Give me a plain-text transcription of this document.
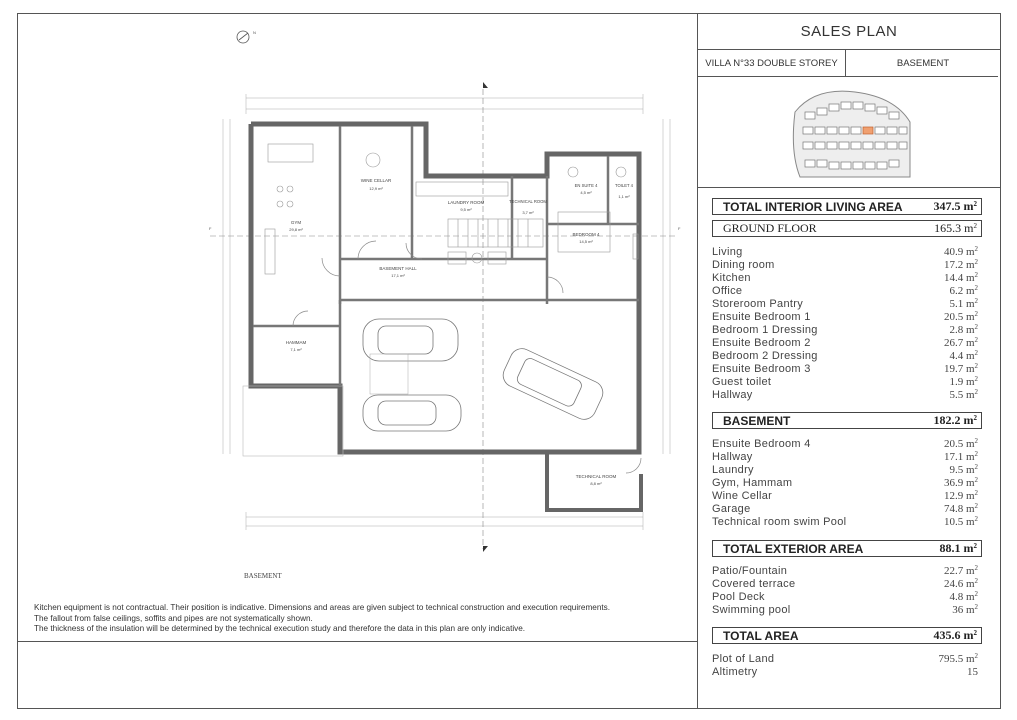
N
F	F
WINE CELLAR
12,9 m²
GYM
29,8 m²
LAUNDRY ROOM
9,5 m²
TECHNICAL ROOM
3,7 m²
EN SUITE 4
4,5 m²
TOILET 4
1,1 m²
BEDROOM 4
14,5 m²
BASEMENT HALL
17,1 m²
HAMMAM
7,1 m²
TECHNICAL ROOM
8,8 m²
BASEMENT
Kitchen equipment is not contractual. Their position is indicative. Dimensions and areas are given subject to technical construction and execution requirements.
The fallout from false ceilings, soffits and pipes are not systematically shown.
The thickness of the insulation will be determined by the technical execution study and therefore the data in this plan are only indicative.
SALES PLAN
VILLA N°33 DOUBLE STOREY	BASEMENT
TOTAL INTERIOR LIVING AREA	347.5 $m^2$
GROUND FLOOR	165.3 $m^2$
Living	40.9 $m^2$
Dining room	17.2 $m^2$
Kitchen	14.4 $m^2$
Office	6.2 $m^2$
Storeroom Pantry	5.1 $m^2$
Ensuite Bedroom 1	20.5 $m^2$
Bedroom 1 Dressing	2.8 $m^2$
Ensuite Bedroom 2	26.7 $m^2$
Bedroom 2 Dressing	4.4 $m^2$
Ensuite Bedroom 3	19.7 $m^2$
Guest toilet	1.9 $m^2$
Hallway	5.5 $m^2$
BASEMENT	182.2 $m^2$
Ensuite Bedroom 4	20.5 $m^2$
Hallway	17.1 $m^2$
Laundry	9.5 $m^2$
Gym, Hammam	36.9 $m^2$
Wine Cellar	12.9 $m^2$
Garage	74.8 $m^2$
Technical room swim Pool	10.5 $m^2$
TOTAL EXTERIOR AREA	88.1 $m^2$
Patio/Fountain	22.7 $m^2$
Covered terrace	24.6 $m^2$
Pool Deck	4.8 $m^2$
Swimming pool	36 $m^2$
TOTAL AREA	435.6 $m^2$
Plot of Land	795.5 $m^2$
Altimetry	15
